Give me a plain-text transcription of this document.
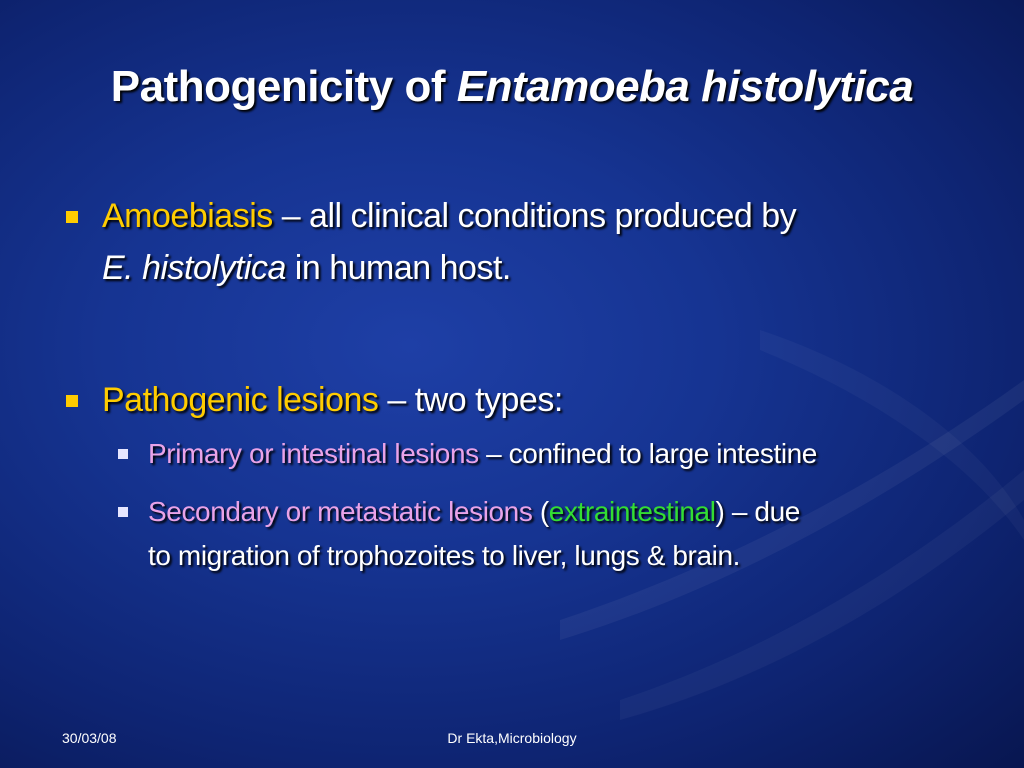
Pathogenicity of Entamoeba histolytica
Amoebiasis – all clinical conditions produced by
E. histolytica in human host.
Pathogenic lesions – two types:
Primary or intestinal lesions – confined to large intestine
Secondary or metastatic lesions (extraintestinal) – due
to migration of trophozoites to liver, lungs & brain.
30/03/08	Dr Ekta,Microbiology
